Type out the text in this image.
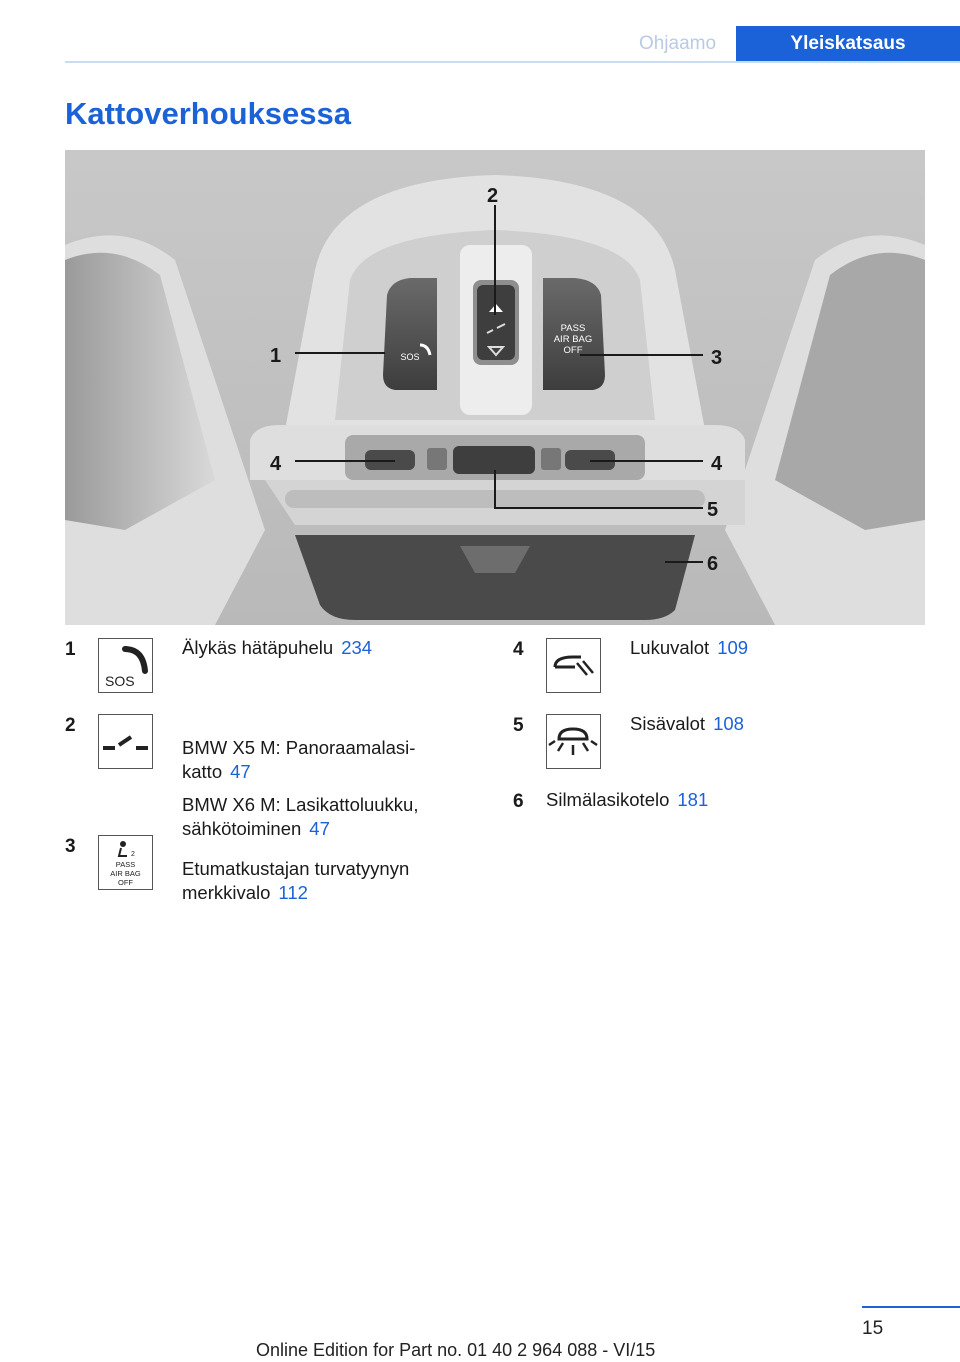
Ohjaamo	Yleiskatsaus
Kattoverhouksessa
SOS
PASS
AIR BAG
OFF
1
2
3
4	4
5
6
1
SOS
Älykäs hätäpuhelu 234
2

BMW X5 M: Panoraamalasi-
katto 47

BMW X6 M: Lasikattoluukku,
sähkötoiminen 47

3	2
PASS
AIR BAG
OFF

Etumatkustajan turvatyynyn
merkkivalo 112

4	Lukuvalot 109
5	Sisävalot 108
6 Silmälasikotelo 181
15
Online Edition for Part no. 01 40 2 964 088 - VI/15
